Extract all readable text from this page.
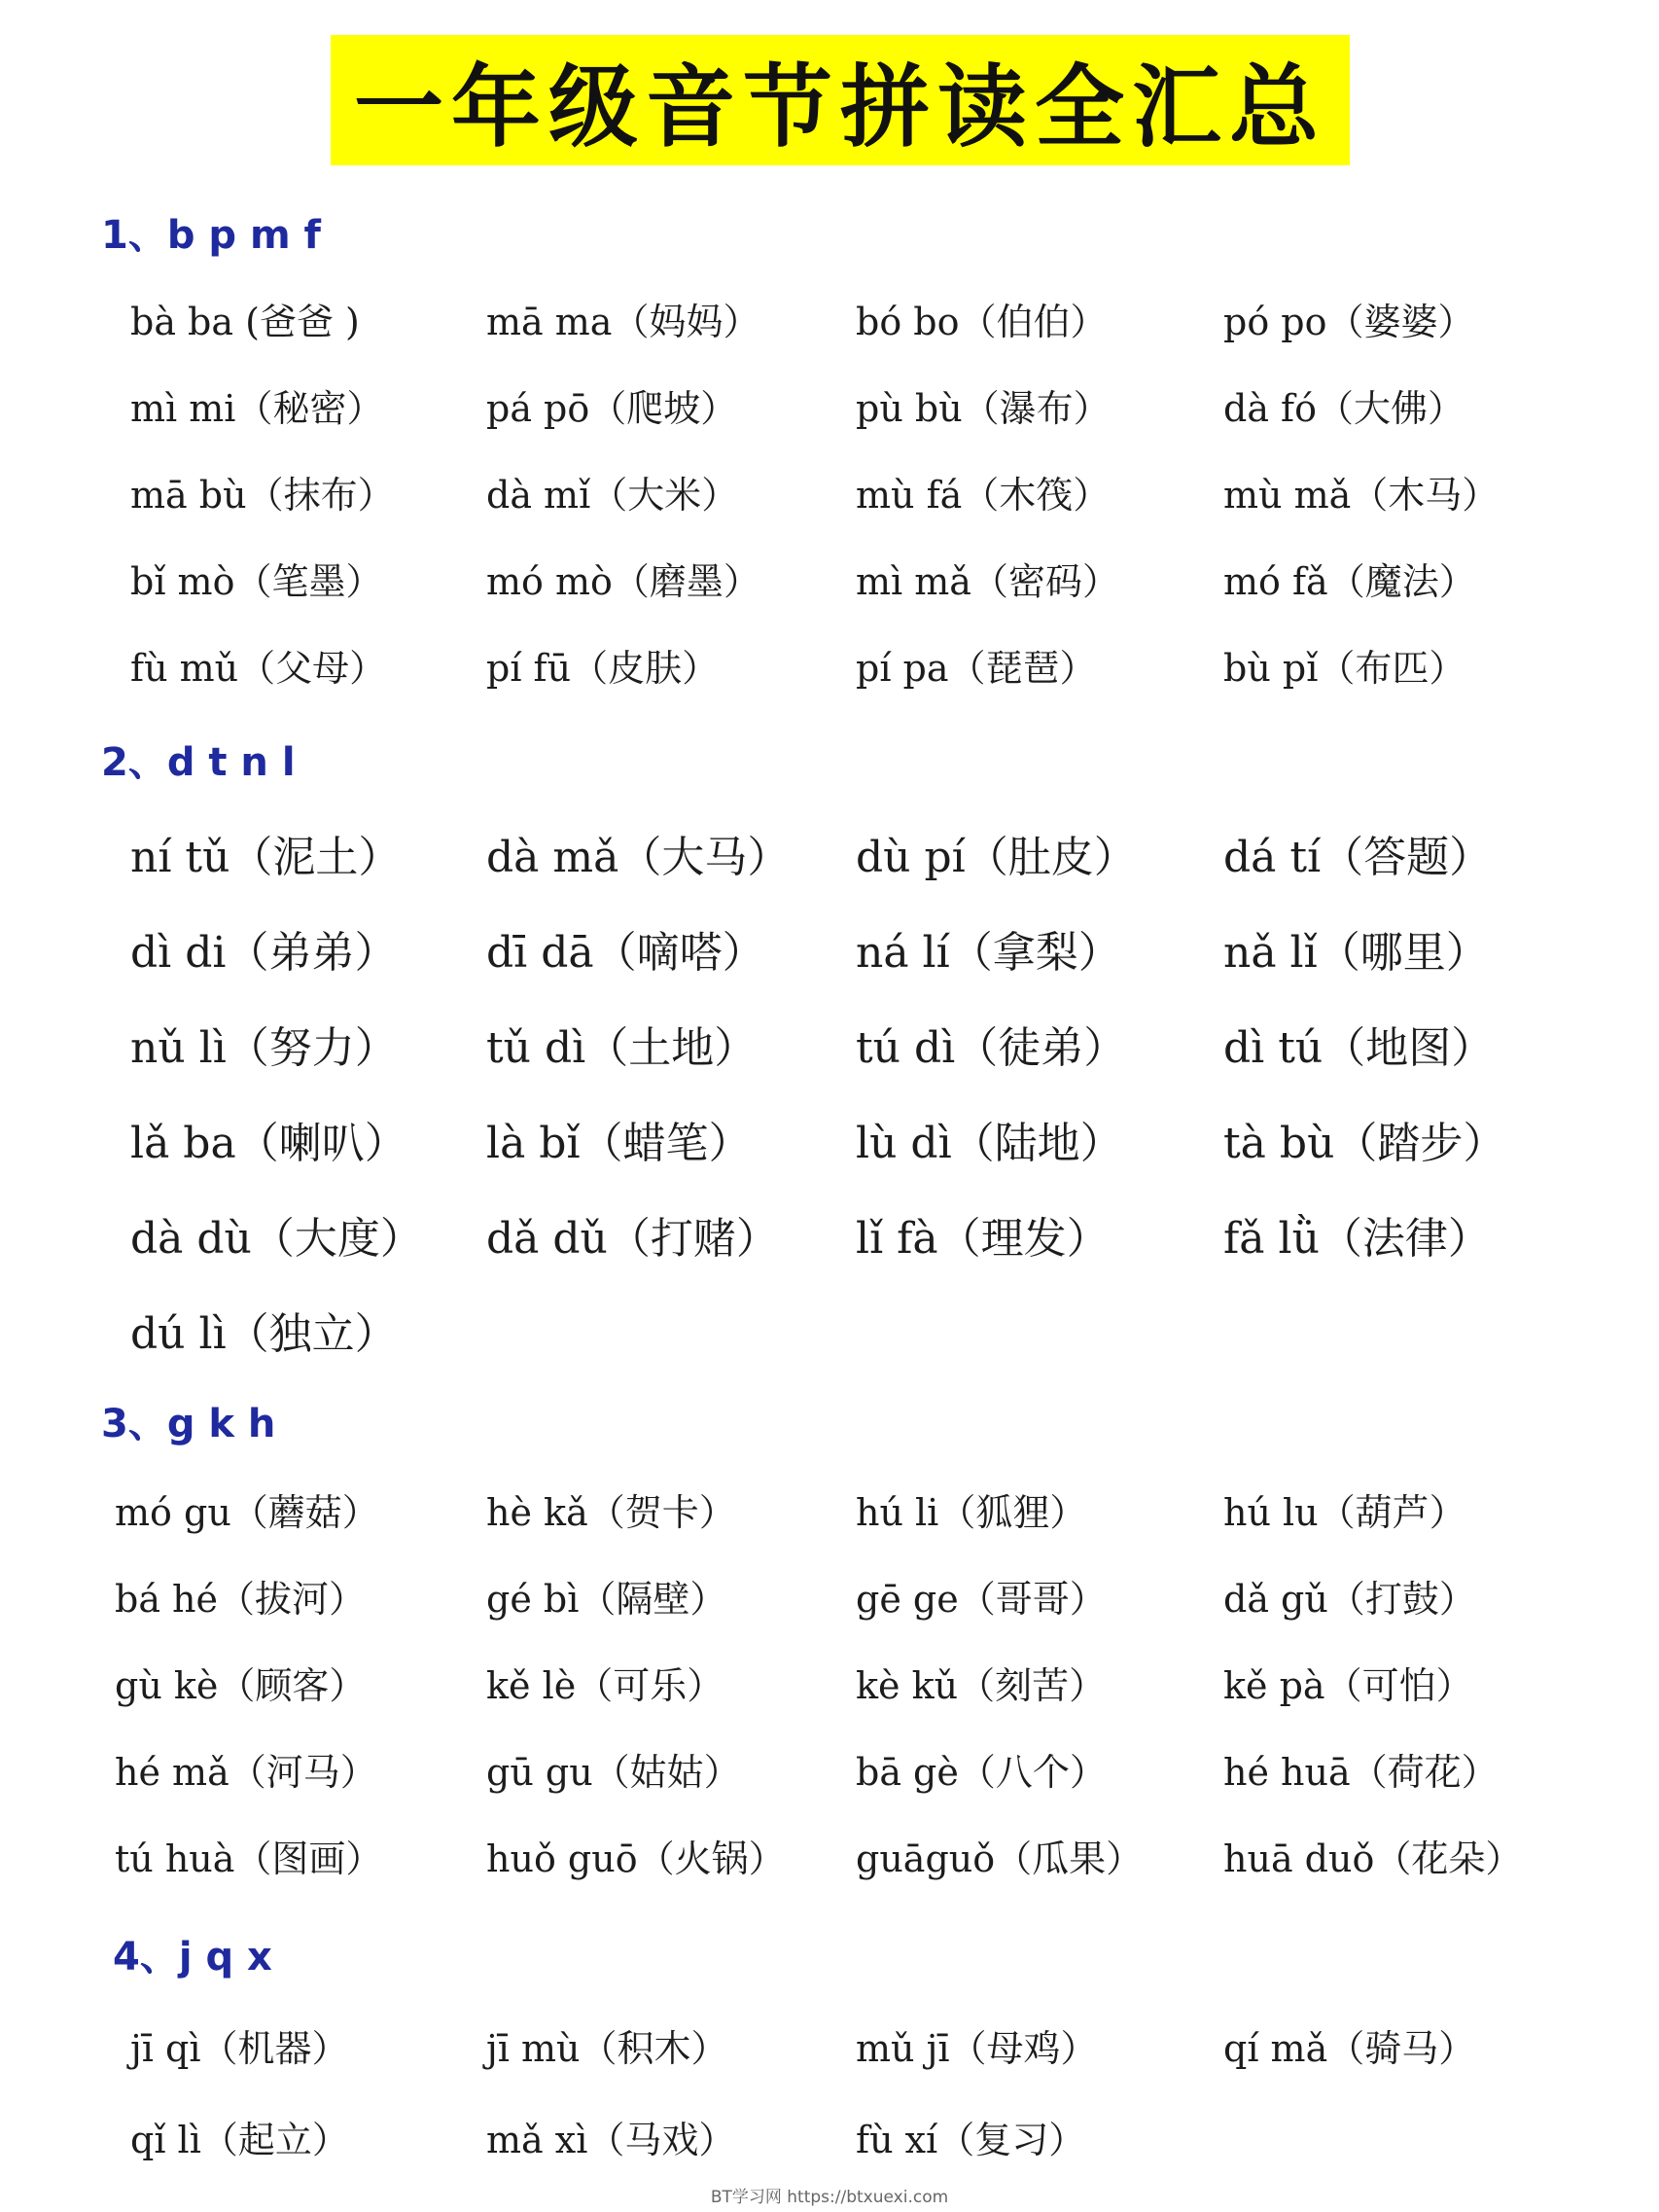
一年级音节拼读全汇总
1、b p m f
bà ba (爸爸 )	mā ma（妈妈）	bó bo（伯伯）	pó po（婆婆）
mì mi（秘密）	pá pō（爬坡）	pù bù（瀑布）	dà fó（大佛）
mā bù（抹布） dà mǐ（大米）	mù fá（木筏）	mù mǎ（木马）
bǐ mò（笔墨）	mó mò（磨墨）	mì mǎ（密码）	mó fǎ（魔法）
fù mǔ（父母）	pí fū（皮肤）	pí pa（琵琶）	bù pǐ（布匹）
2、d t n l
ní tǔ（泥土） dà mǎ（大马） dù pí（肚皮） dá tí（答题）
dì di（弟弟） dī dā（嘀嗒） ná lí（拿梨） nǎ lǐ（哪里）
nǔ lì（努力） tǔ dì（土地） tú dì（徒弟） dì tú（地图）
lǎ ba（喇叭） là bǐ（蜡笔） lù dì（陆地） tà bù（踏步）
dà dù（大度） dǎ dǔ（打赌） lǐ fà（理发）	fǎ lǜ（法律）
dú lì（独立）
3、g k h
mó gu（蘑菇）	hè kǎ（贺卡）	hú li（狐狸）	hú lu（葫芦）
bá hé（拔河）	gé bì（隔壁）	gē ge（哥哥）	dǎ gǔ（打鼓）
gù kè（顾客）	kě lè（可乐）	kè kǔ（刻苦）	kě pà（可怕）
hé mǎ（河马）	gū gu（姑姑）	bā gè（八个）	hé huā（荷花）
tú huà（图画）	huǒ guō（火锅） guāguǒ（瓜果） huā duǒ（花朵）
4、j q x
jī qì（机器）	jī mù（积木）	mǔ jī（母鸡）	qí mǎ（骑马）
qǐ lì（起立）	mǎ xì（马戏）	fù xí（复习）
BT学习网 https://btxuexi.com
